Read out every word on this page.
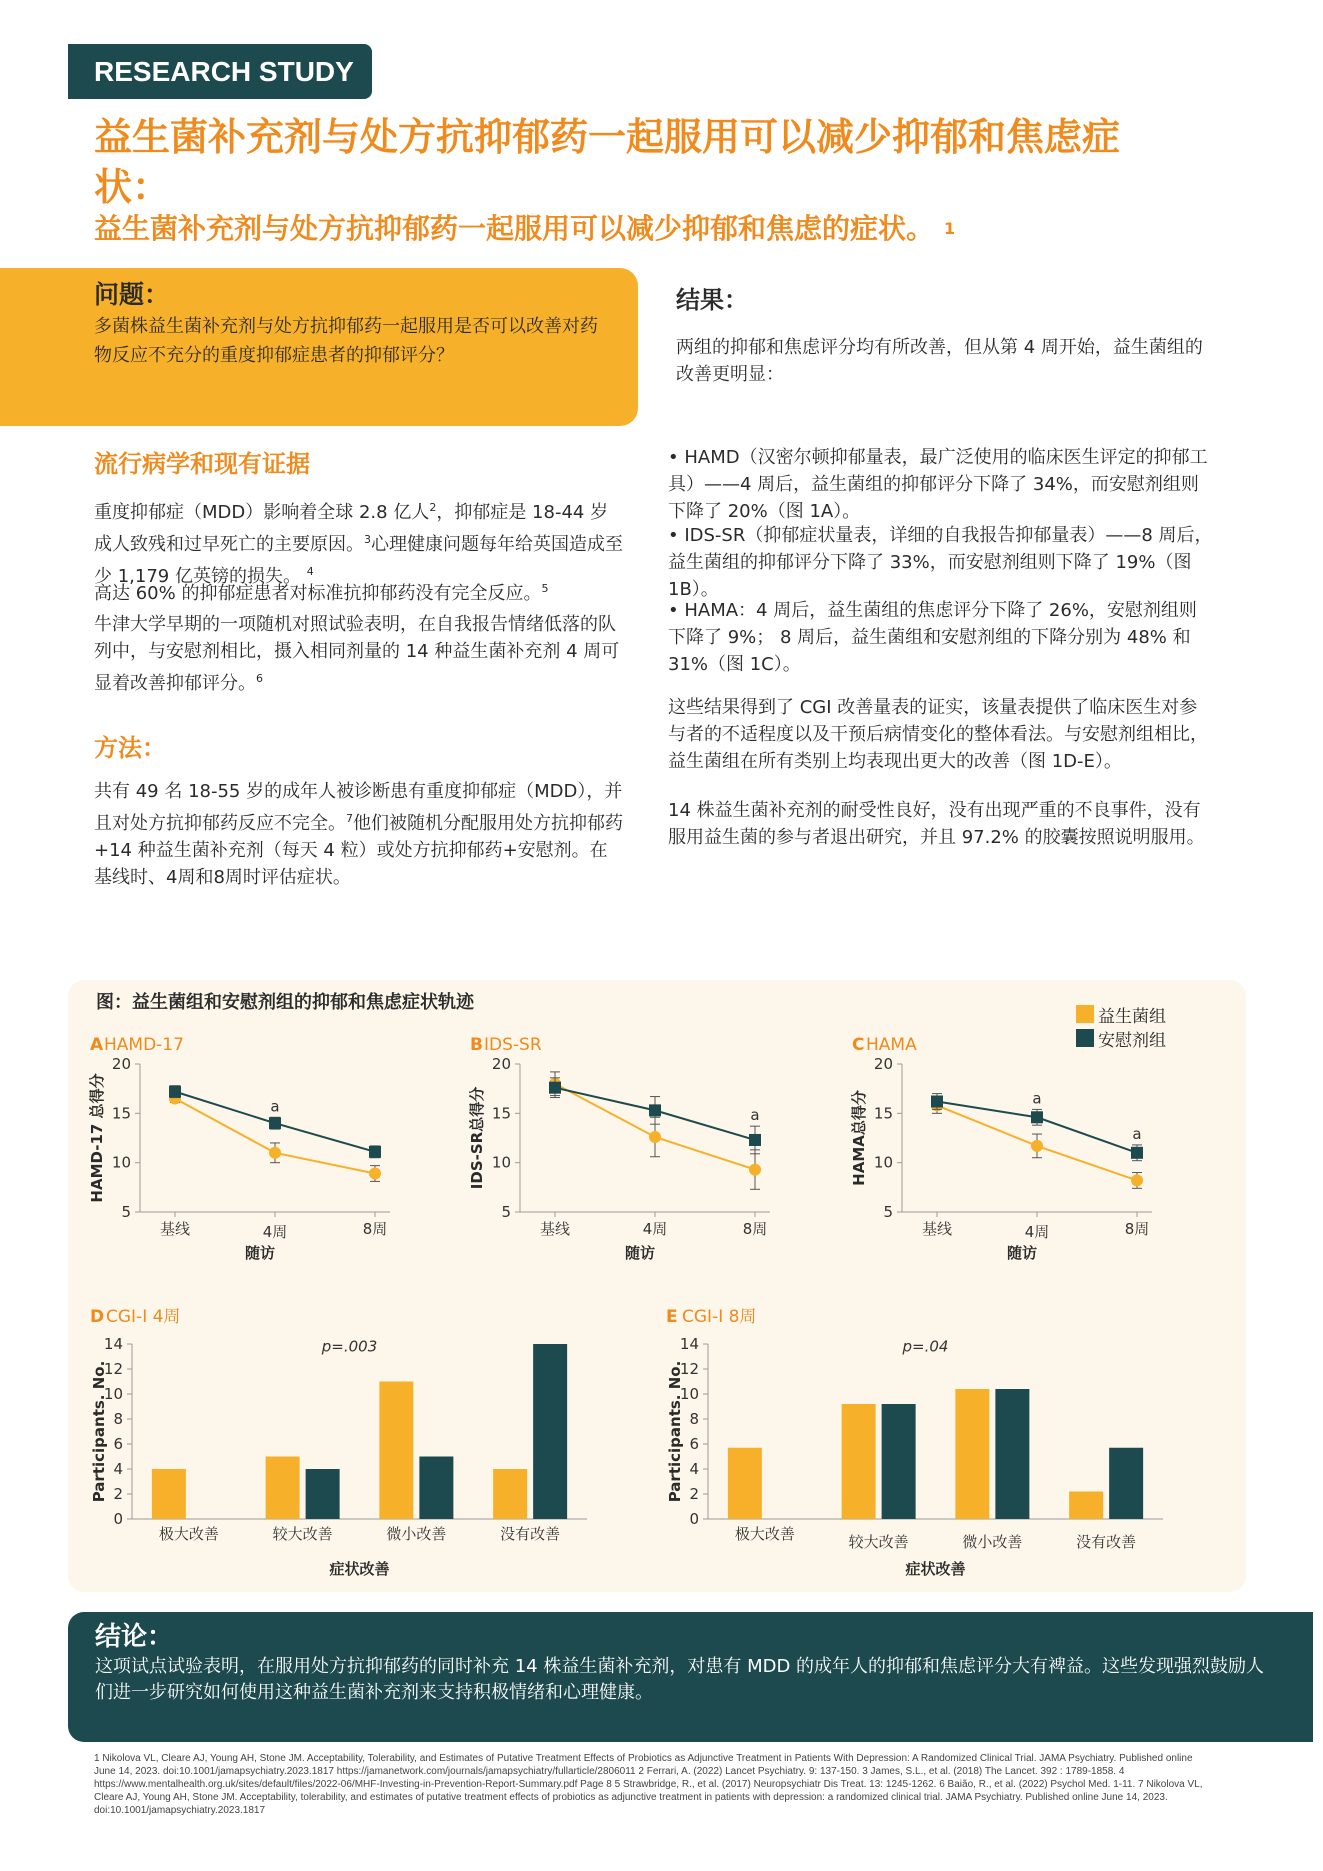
RESEARCH STUDY
益生菌补充剂与处方抗抑郁药一起服用可以减少抑郁和焦虑症状：
益生菌补充剂与处方抗抑郁药一起服用可以减少抑郁和焦虑的症状。 $^1$
问题：

多菌株益生菌补充剂与处方抗抑郁药一起服用是否可以改善对药物反应不充分的重度抑郁症患者的抑郁评分？

流行病学和现有证据
重度抑郁症（MDD）影响着全球 2.8 亿人$^2$，抑郁症是 18-44 岁成人致残和过早死亡的主要原因。$^3$心理健康问题每年给英国造成至少 1,179 亿英镑的损失。 $^4$
高达 60% 的抑郁症患者对标准抗抑郁药没有完全反应。$^5$
牛津大学早期的一项随机对照试验表明，在自我报告情绪低落的队列中，与安慰剂相比，摄入相同剂量的 14 种益生菌补充剂 4 周可显着改善抑郁评分。$^6$
方法：
共有 49 名 18-55 岁的成年人被诊断患有重度抑郁症（MDD），并且对处方抗抑郁药反应不完全。$^7$他们被随机分配服用处方抗抑郁药+14 种益生菌补充剂（每天 4 粒）或处方抗抑郁药+安慰剂。在基线时、4周和8周时评估症状。
结果：
两组的抑郁和焦虑评分均有所改善，但从第 4 周开始，益生菌组的改善更明显：
• HAMD（汉密尔顿抑郁量表，最广泛使用的临床医生评定的抑郁工具）——4 周后，益生菌组的抑郁评分下降了 34%，而安慰剂组则下降了 20%（图 1A）。
• IDS-SR（抑郁症状量表，详细的自我报告抑郁量表）——8 周后，益生菌组的抑郁评分下降了 33%，而安慰剂组则下降了 19%（图 1B）。
• HAMA：4 周后，益生菌组的焦虑评分下降了 26%，安慰剂组则下降了 9%； 8 周后，益生菌组和安慰剂组的下降分别为 48% 和 31%（图 1C）。
这些结果得到了 CGI 改善量表的证实，该量表提供了临床医生对参与者的不适程度以及干预后病情变化的整体看法。与安慰剂组相比，益生菌组在所有类别上均表现出更大的改善（图 1D-E）。
14 株益生菌补充剂的耐受性良好，没有出现严重的不良事件，没有服用益生菌的参与者退出研究，并且 97.2% 的胶囊按照说明服用。
图：益生菌组和安慰剂组的抑郁和焦虑症状轨迹
益生菌组
安慰剂组
A HAMD-17
5
10
15
20
基线	4周	8周
随访
HAMD-17 总得分	a
B IDS-SR
5
10
15
20
基线	4周	8周
随访
IDS-SR总得分	a
C HAMA
5
10
15
20
基线	4周	8周
随访
HAMA总得分	a
a
D CGI-I 4周
0
2
4
6
8
10
12
14
极大改善	较大改善	微小改善	没有改善
症状改善
p=.003
Participants. No.
E CGI-I 8周
0
2
4
6
8
10
12
14
极大改善	较大改善	微小改善	没有改善
症状改善
p=.04
Participants. No.
结论：

这项试点试验表明，在服用处方抗抑郁药的同时补充 14 株益生菌补充剂，对患有 MDD 的成年人的抑郁和焦虑评分大有裨益。这些发现强烈鼓励人们进一步研究如何使用这种益生菌补充剂来支持积极情绪和心理健康。

1 Nikolova VL, Cleare AJ, Young AH, Stone JM. Acceptability, Tolerability, and Estimates of Putative Treatment Effects of Probiotics as Adjunctive Treatment in Patients With Depression: A Randomized Clinical Trial. JAMA Psychiatry. Published online June 14, 2023. doi:10.1001/jamapsychiatry.2023.1817 https://jamanetwork.com/journals/jamapsychiatry/fullarticle/2806011 2 Ferrari, A. (2022) Lancet Psychiatry. 9: 137-150. 3 James, S.L., et al. (2018) The Lancet. 392 : 1789-1858. 4 https://www.mentalhealth.org.uk/sites/default/files/2022-06/MHF-Investing-in-Prevention-Report-Summary.pdf Page 8 5 Strawbridge, R., et al. (2017) Neuropsychiatr Dis Treat. 13: 1245-1262. 6 Baião, R., et al. (2022) Psychol Med. 1-11. 7 Nikolova VL, Cleare AJ, Young AH, Stone JM. Acceptability, tolerability, and estimates of putative treatment effects of probiotics as adjunctive treatment in patients with depression: a randomized clinical trial. JAMA Psychiatry. Published online June 14, 2023. doi:10.1001/jamapsychiatry.2023.1817
